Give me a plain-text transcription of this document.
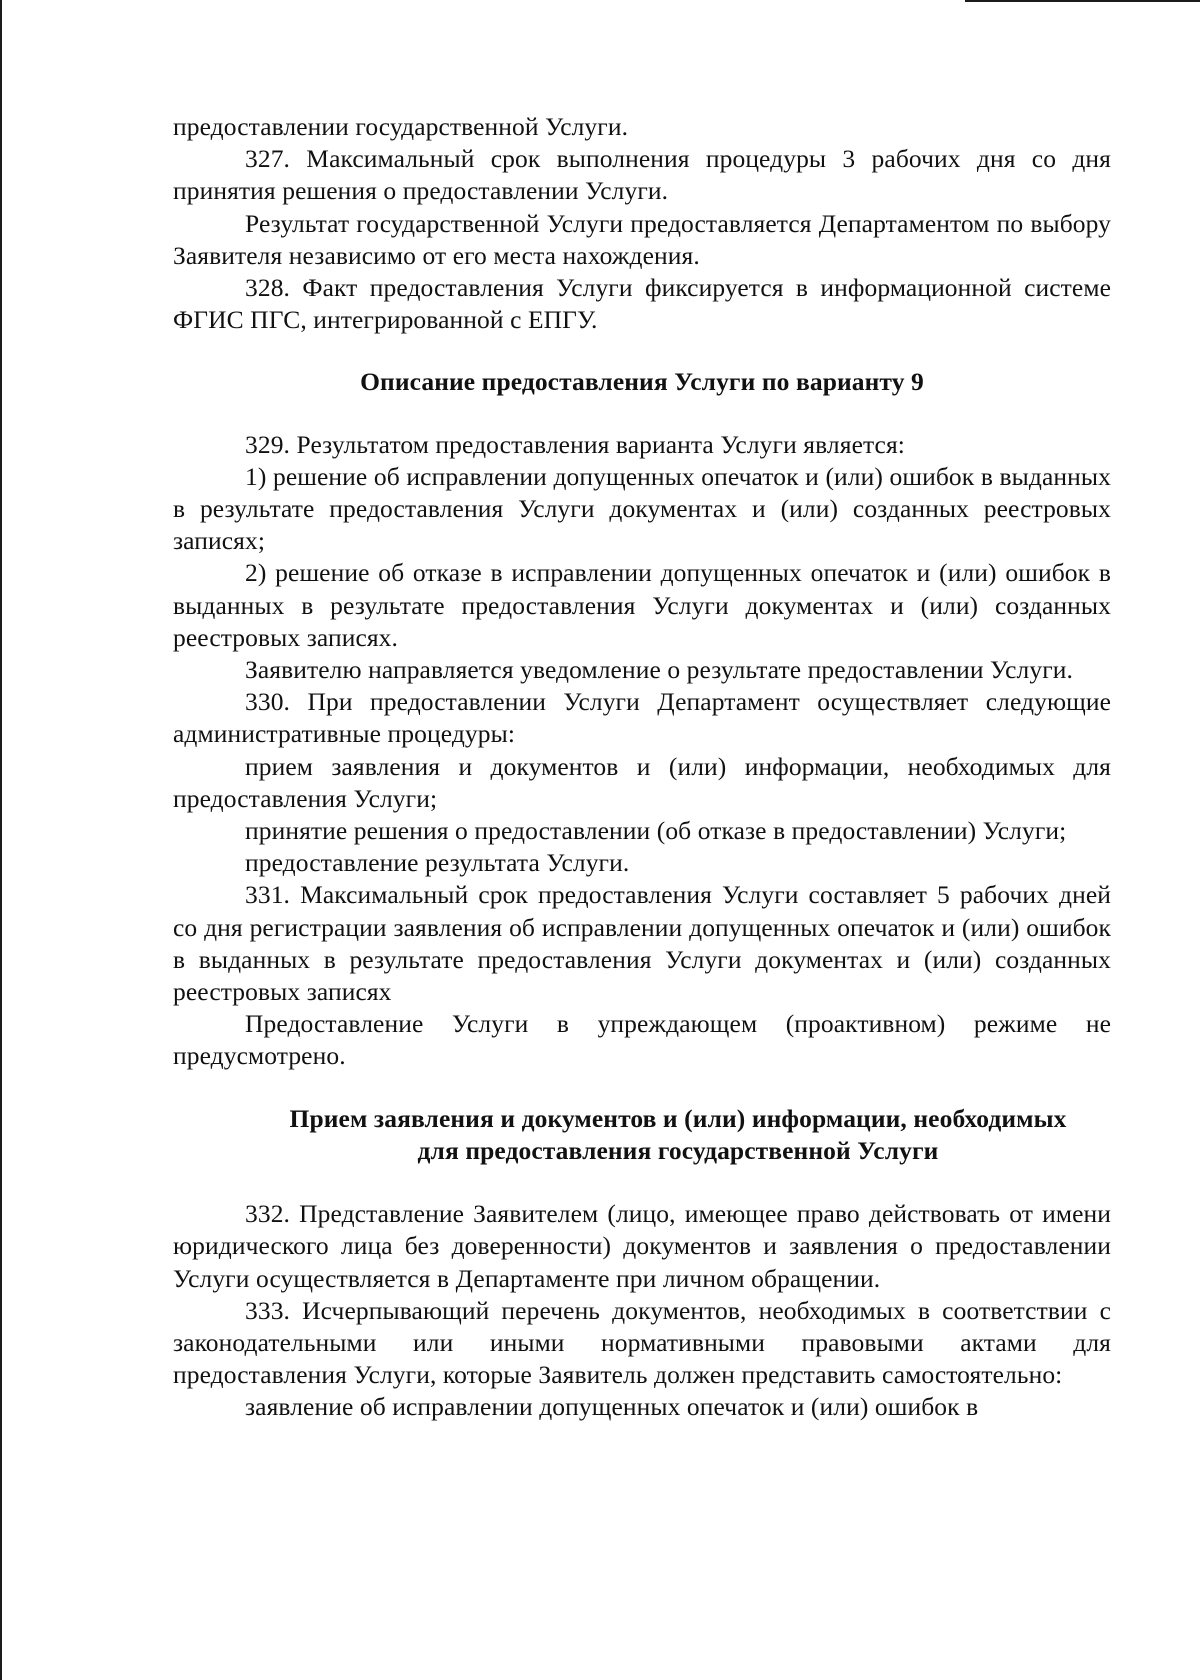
предоставлении государственной Услуги.

327. Максимальный срок выполнения процедуры 3 рабочих дня со дня принятия решения о предоставлении Услуги.

Результат государственной Услуги предоставляется Департаментом по выбору Заявителя независимо от его места нахождения.

328. Факт предоставления Услуги фиксируется в информационной системе ФГИС ПГС, интегрированной с ЕПГУ.

Описание предоставления Услуги по варианту 9

329. Результатом предоставления варианта Услуги является:

1) решение об исправлении допущенных опечаток и (или) ошибок в выданных в результате предоставления Услуги документах и (или) созданных реестровых записях;

2) решение об отказе в исправлении допущенных опечаток и (или) ошибок в выданных в результате предоставления Услуги документах и (или) созданных реестровых записях.

Заявителю направляется уведомление о результате предоставлении Услуги.

330. При предоставлении Услуги Департамент осуществляет следующие административные процедуры:

прием заявления и документов и (или) информации, необходимых для предоставления Услуги;

принятие решения о предоставлении (об отказе в предоставлении) Услуги;

предоставление результата Услуги.

331. Максимальный срок предоставления Услуги составляет 5 рабочих дней со дня регистрации заявления об исправлении допущенных опечаток и (или) ошибок в выданных в результате предоставления Услуги документах и (или) созданных реестровых записях

Предоставление Услуги в упреждающем (проактивном) режиме не предусмотрено.

Прием заявления и документов и (или) информации, необходимых
для предоставления государственной Услуги

332. Представление Заявителем (лицо, имеющее право действовать от имени юридического лица без доверенности) документов и заявления о предоставлении Услуги осуществляется в Департаменте при личном обращении.

333. Исчерпывающий перечень документов, необходимых в соответствии с законодательными или иными нормативными правовыми актами для предоставления Услуги, которые Заявитель должен представить самостоятельно:

заявление об исправлении допущенных опечаток и (или) ошибок в
